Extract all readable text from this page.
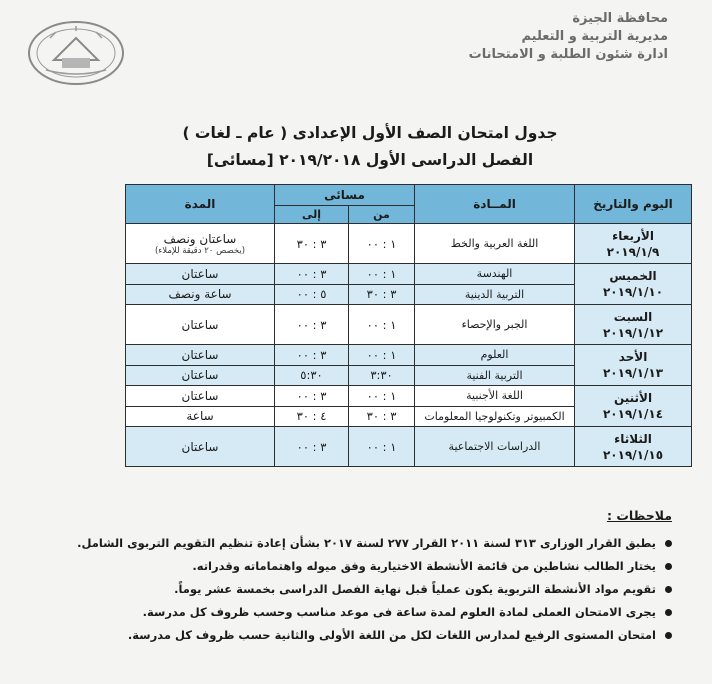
محافظة الجيزة
مديرية التربية و التعليم
ادارة شئون الطلبة و الامتحانات
جدول امتحان الصف الأول الإعدادى ( عام ـ لغات )
الفصل الدراسى الأول ٢٠١٩/٢٠١٨ [مسائى]
اليوم والتاريخ	المــادة	مسائى		المدة
		من	إلى	
الأربعاء
٢٠١٩/١/٩	اللغة العربية والخط	١ : ٠٠	٣ : ٣٠	ساعتان ونصف
(يخصص ٢٠ دقيقة للإملاء)

الخميس
٢٠١٩/١/١٠	الهندسة	١ : ٠٠	٣ : ٠٠	ساعتان
	التربية الدينية	٣ : ٣٠	٥ : ٠٠	ساعة ونصف
السبت
٢٠١٩/١/١٢	الجبر والإحصاء	١ : ٠٠	٣ : ٠٠	ساعتان
الأحد
٢٠١٩/١/١٣	العلوم	١ : ٠٠	٣ : ٠٠	ساعتان
	التربية الفنية	٣:٣٠	٥:٣٠	ساعتان
الأثنين
٢٠١٩/١/١٤	اللغة الأجنبية	١ : ٠٠	٣ : ٠٠	ساعتان
	الكمبيوتر وتكنولوجيا المعلومات	٣ : ٣٠	٤ : ٣٠	ساعة
الثلاثاء
٢٠١٩/١/١٥	الدراسات الاجتماعية	١ : ٠٠	٣ : ٠٠	ساعتان
ملاحظات :
يطبق القرار الوزارى ٣١٣ لسنة ٢٠١١ القرار ٢٧٧ لسنة ٢٠١٧ بشأن إعادة تنظيم التقويم التربوى الشامل.
يختار الطالب نشاطين من قائمة الأنشطة الاختيارية وفق ميوله واهتماماته وقدراته.
تقويم مواد الأنشطة التربوية يكون عملياً قبل نهاية الفصل الدراسى بخمسة عشر يوماً.
يجرى الامتحان العملى لمادة العلوم لمدة ساعة فى موعد مناسب وحسب ظروف كل مدرسة.
امتحان المستوى الرفيع لمدارس اللغات لكل من اللغة الأولى والثانية حسب ظروف كل مدرسة.
